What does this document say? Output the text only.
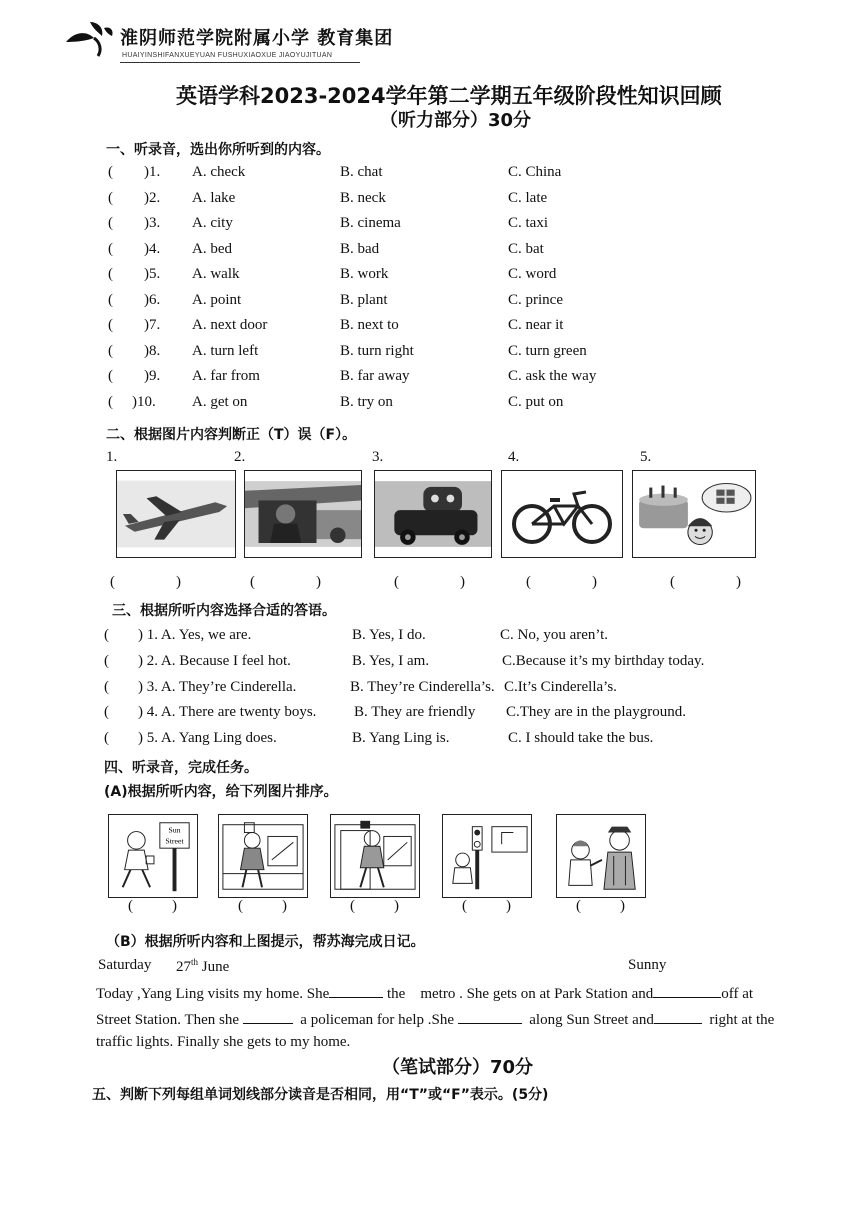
淮阴师范学院附属小学 教育集团
HUAIYINSHIFANXUEYUAN FUSHUXIAOXUE JIAOYUJITUAN
英语学科2023-2024学年第二学期五年级阶段性知识回顾
（听力部分）30分
一、听录音，选出你所听到的内容。
( )1. A. check	B. chat	C. China
( )2. A. lake	B. neck	C. late
( )3. A. city	B. cinema	C. taxi
( )4. A. bed	B. bad	C. bat
( )5. A. walk	B. work	C. word
( )6. A. point	B. plant	C. prince
( )7. A. next door	B. next to	C. near it
( )8. A. turn left	B. turn right	C. turn green
( )9. A. far from	B. far away	C. ask the way
( )10. A. get on	B. try on	C. put on
二、根据图片内容判断正（T）误（F）。
1.
(	)
2.
(	)
3.
(	)
4.
(	)
5.
(	)
三、根据所听内容选择合适的答语。
( ) 1. A. Yes, we are.	B. Yes, I do.	C. No, you aren’t.
( ) 2. A. Because I feel hot.	B. Yes, I am.	C.Because it’s my birthday today.
( ) 3. A. They’re Cinderella.	B. They’re Cinderella’s. C.It’s Cinderella’s.
( ) 4. A. There are twenty boys.	B. They are friendly C.They are in the playground.
( ) 5. A. Yang Ling does.	B. Yang Ling is.	C. I should take the bus.
四、听录音，完成任务。
(A)根据所听内容，给下列图片排序。
Sun
Street
(	)	(	)	(	)	(	)	(	)
（B）根据所听内容和上图提示，帮苏海完成日记。
Saturday 27th June	Sunny
Today ,Yang Ling visits my home. She	the metro . She gets on at Park Station and	off at
Street Station. Then she	a policeman for help .She	along Sun Street and	right at the
traffic lights. Finally she gets to my home.
（笔试部分）70分
五、判断下列每组单词划线部分读音是否相同，用“T”或“F”表示。(5分)
